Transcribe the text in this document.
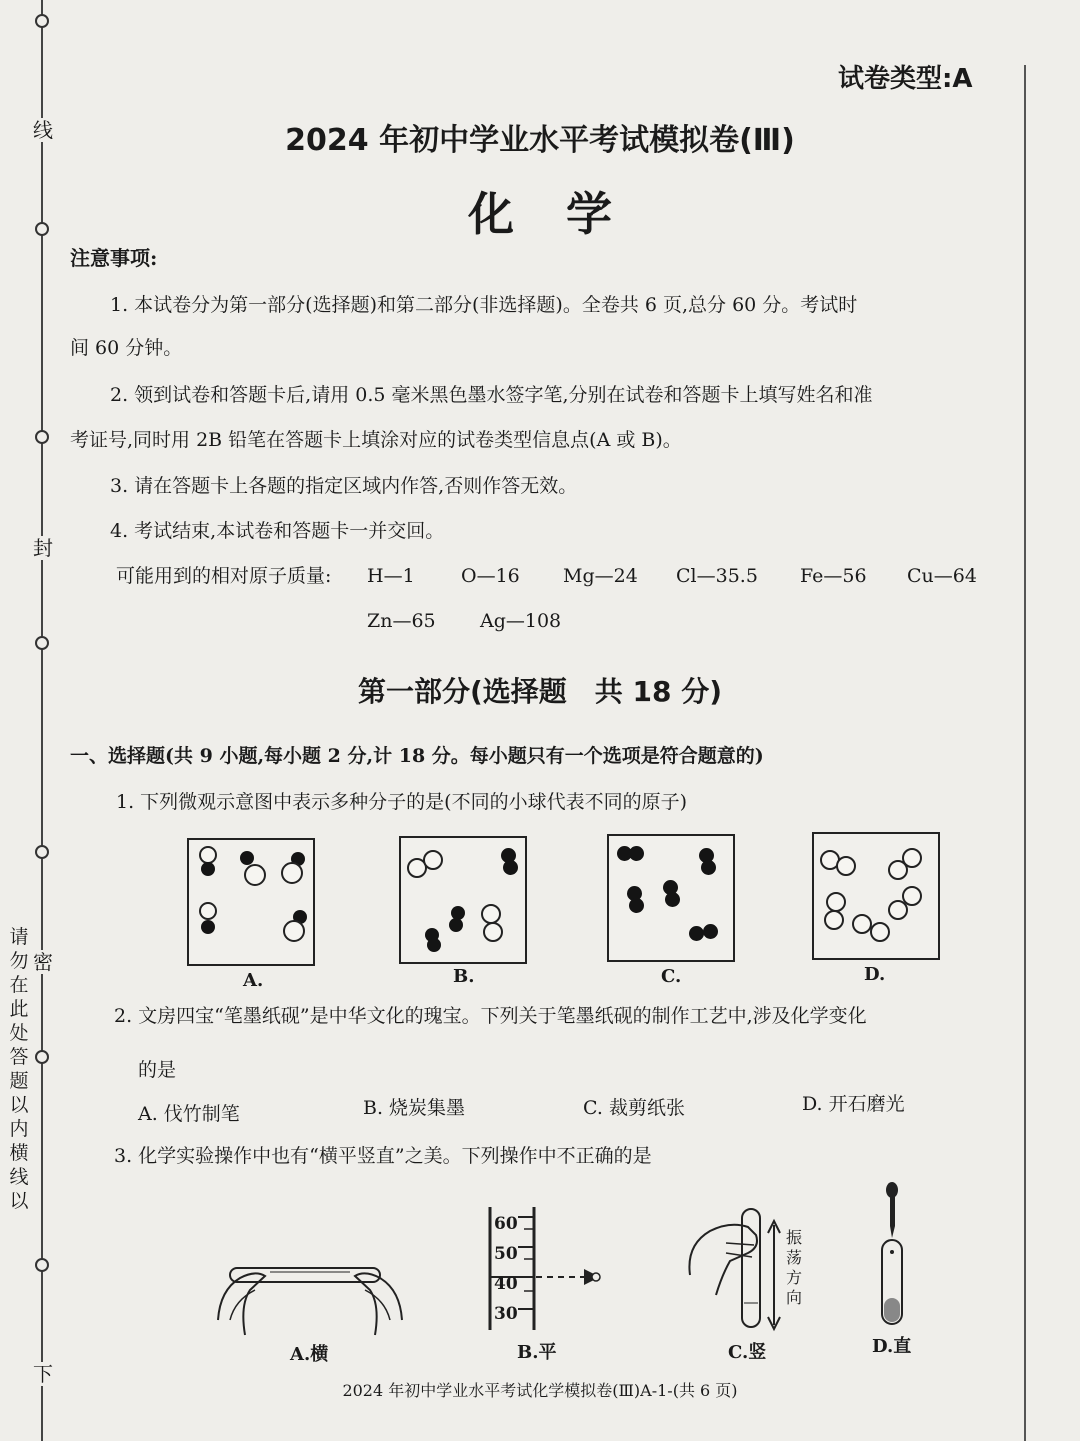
线
封
密
下
请勿在此处答题以内横线以
试卷类型:A
2024 年初中学业水平考试模拟卷(Ⅲ)
化学
注意事项:
1. 本试卷分为第一部分(选择题)和第二部分(非选择题)。全卷共 6 页,总分 60 分。考试时
间 60 分钟。
2. 领到试卷和答题卡后,请用 0.5 毫米黑色墨水签字笔,分别在试卷和答题卡上填写姓名和准
考证号,同时用 2B 铅笔在答题卡上填涂对应的试卷类型信息点(A 或 B)。
3. 请在答题卡上各题的指定区域内作答,否则作答无效。
4. 考试结束,本试卷和答题卡一并交回。
可能用到的相对原子质量: H—1 O—16 Mg—24 Cl—35.5 Fe—56 Cu—64
Zn—65 Ag—108
第一部分(选择题　共 18 分)
一、选择题(共 9 小题,每小题 2 分,计 18 分。每小题只有一个选项是符合题意的)
1. 下列微观示意图中表示多种分子的是(不同的小球代表不同的原子)
A.	B.	C.	D.
2. 文房四宝“笔墨纸砚”是中华文化的瑰宝。下列关于笔墨纸砚的制作工艺中,涉及化学变化
的是
A. 伐竹制笔	B. 烧炭集墨	C. 裁剪纸张	D. 开石磨光
3. 化学实验操作中也有“横平竖直”之美。下列操作中不正确的是
A.横
60
50
40
30
B.平
振
荡
方
向
C.竖	D.直
2024 年初中学业水平考试化学模拟卷(Ⅲ)A-1-(共 6 页)
